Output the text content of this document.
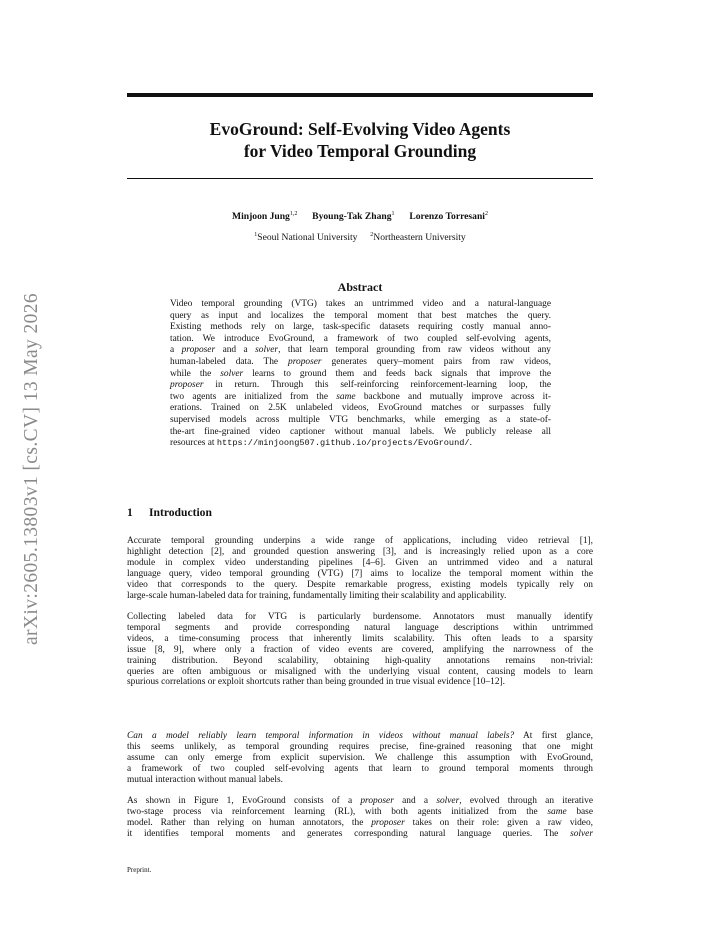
arXiv:2605.13803v1 [cs.CV] 13 May 2026
EvoGround: Self-Evolving Video Agents
for Video Temporal Grounding
Minjoon Jung$^{1,2}$ Byoung-Tak Zhang$^1$ Lorenzo Torresani$^2$
$^1$Seoul National University $^2$Northeastern University
Abstract
Video temporal grounding (VTG) takes an untrimmed video and a natural-language
query as input and localizes the temporal moment that best matches the query.
Existing methods rely on large, task-specific datasets requiring costly manual anno-
tation. We introduce EvoGround, a framework of two coupled self-evolving agents,
a proposer and a solver, that learn temporal grounding from raw videos without any
human-labeled data. The proposer generates query–moment pairs from raw videos,
while the solver learns to ground them and feeds back signals that improve the
proposer in return. Through this self-reinforcing reinforcement-learning loop, the
two agents are initialized from the same backbone and mutually improve across it-
erations. Trained on 2.5K unlabeled videos, EvoGround matches or surpasses fully
supervised models across multiple VTG benchmarks, while emerging as a state-of-
the-art fine-grained video captioner without manual labels. We publicly release all
resources at https://minjoong507.github.io/projects/EvoGround/.
1 Introduction
Accurate temporal grounding underpins a wide range of applications, including video retrieval [1],
highlight detection [2], and grounded question answering [3], and is increasingly relied upon as a core
module in complex video understanding pipelines [4–6]. Given an untrimmed video and a natural
language query, video temporal grounding (VTG) [7] aims to localize the temporal moment within the
video that corresponds to the query. Despite remarkable progress, existing models typically rely on
large-scale human-labeled data for training, fundamentally limiting their scalability and applicability.
Collecting labeled data for VTG is particularly burdensome. Annotators must manually identify
temporal segments and provide corresponding natural language descriptions within untrimmed
videos, a time-consuming process that inherently limits scalability. This often leads to a sparsity
issue [8, 9], where only a fraction of video events are covered, amplifying the narrowness of the
training distribution. Beyond scalability, obtaining high-quality annotations remains non-trivial:
queries are often ambiguous or misaligned with the underlying visual content, causing models to learn
spurious correlations or exploit shortcuts rather than being grounded in true visual evidence [10–12].
Can a model reliably learn temporal information in videos without manual labels? At first glance,
this seems unlikely, as temporal grounding requires precise, fine-grained reasoning that one might
assume can only emerge from explicit supervision. We challenge this assumption with EvoGround,
a framework of two coupled self-evolving agents that learn to ground temporal moments through
mutual interaction without manual labels.
As shown in Figure 1, EvoGround consists of a proposer and a solver, evolved through an iterative
two-stage process via reinforcement learning (RL), with both agents initialized from the same base
model. Rather than relying on human annotators, the proposer takes on their role: given a raw video,
it identifies temporal moments and generates corresponding natural language queries. The solver
Preprint.
